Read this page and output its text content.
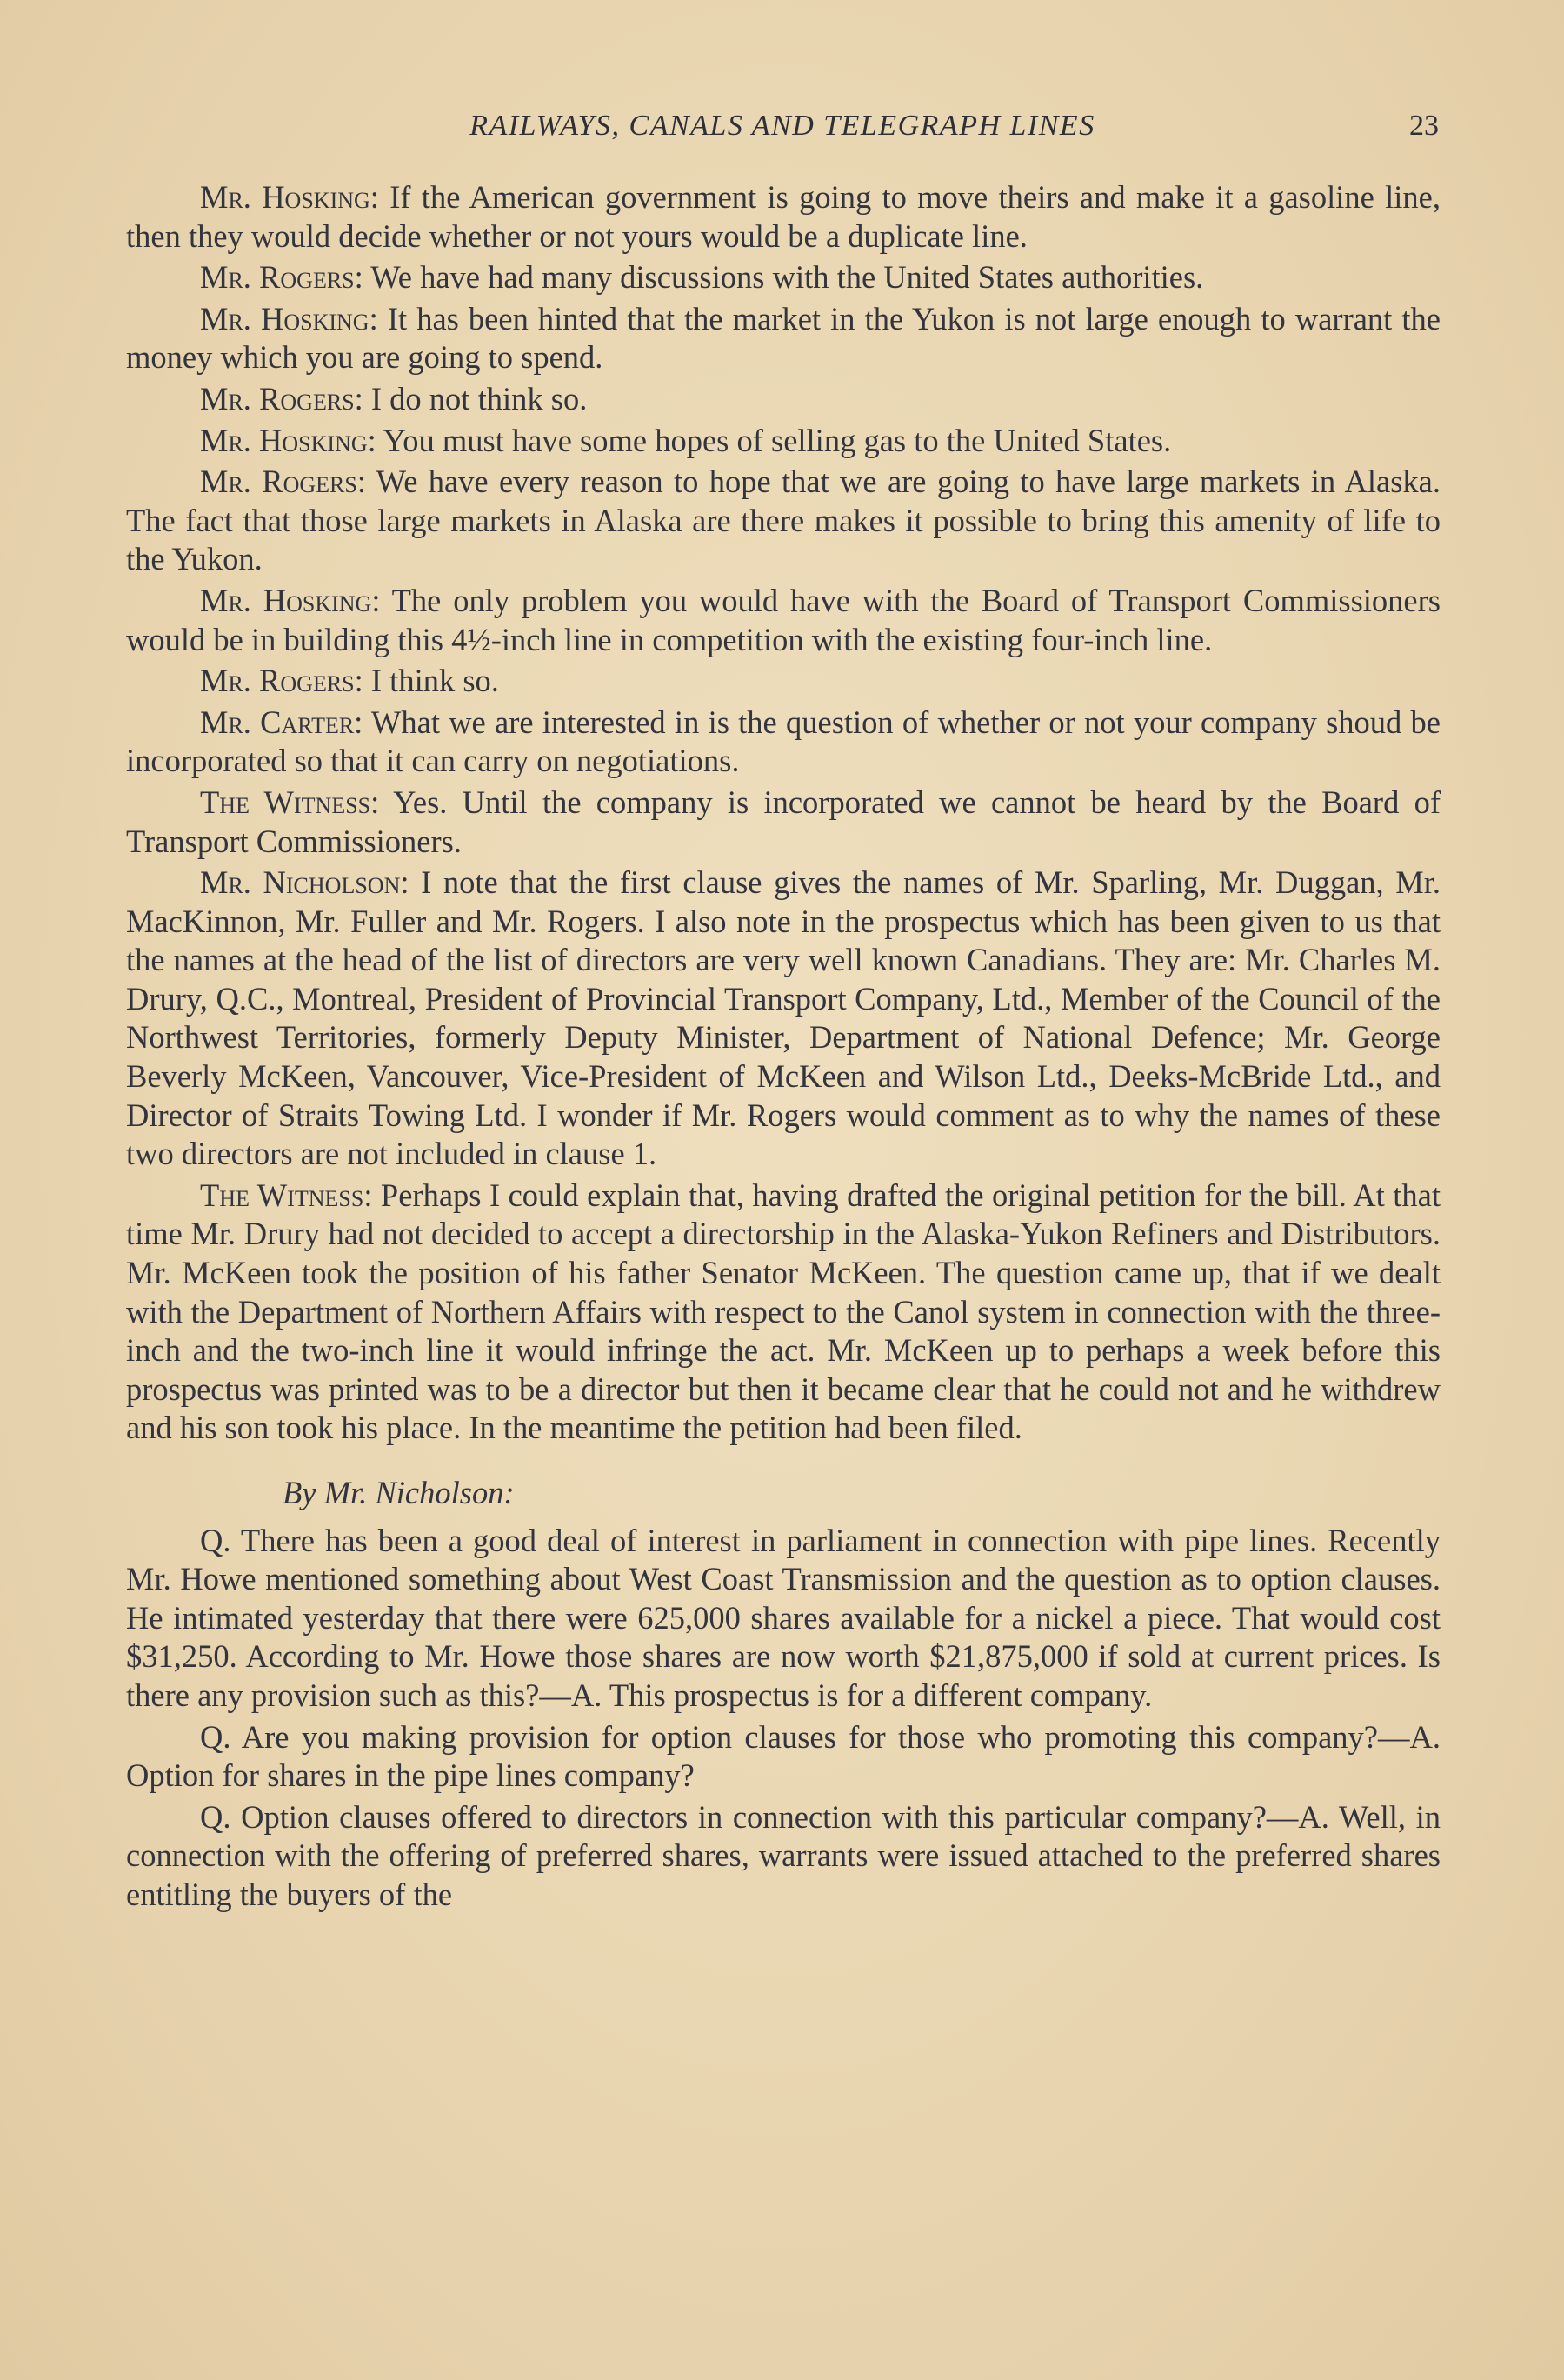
RAILWAYS, CANALS AND TELEGRAPH LINES	23

Mr. Hosking: If the American government is going to move theirs and make it a gasoline line, then they would decide whether or not yours would be a duplicate line.

Mr. Rogers: We have had many discussions with the United States authorities.

Mr. Hosking: It has been hinted that the market in the Yukon is not large enough to warrant the money which you are going to spend.

Mr. Rogers: I do not think so.

Mr. Hosking: You must have some hopes of selling gas to the United States.

Mr. Rogers: We have every reason to hope that we are going to have large markets in Alaska. The fact that those large markets in Alaska are there makes it possible to bring this amenity of life to the Yukon.

Mr. Hosking: The only problem you would have with the Board of Transport Commissioners would be in building this 4½-inch line in competition with the existing four-inch line.

Mr. Rogers: I think so.

Mr. Carter: What we are interested in is the question of whether or not your company shoud be incorporated so that it can carry on negotiations.

The Witness: Yes. Until the company is incorporated we cannot be heard by the Board of Transport Commissioners.

Mr. Nicholson: I note that the first clause gives the names of Mr. Sparling, Mr. Duggan, Mr. MacKinnon, Mr. Fuller and Mr. Rogers. I also note in the prospectus which has been given to us that the names at the head of the list of directors are very well known Canadians. They are: Mr. Charles M. Drury, Q.C., Montreal, President of Provincial Transport Company, Ltd., Member of the Council of the Northwest Territories, formerly Deputy Minister, Department of National Defence; Mr. George Beverly McKeen, Vancouver, Vice-President of McKeen and Wilson Ltd., Deeks-McBride Ltd., and Director of Straits Towing Ltd. I wonder if Mr. Rogers would comment as to why the names of these two directors are not included in clause 1.

The Witness: Perhaps I could explain that, having drafted the original petition for the bill. At that time Mr. Drury had not decided to accept a directorship in the Alaska-Yukon Refiners and Distributors. Mr. McKeen took the position of his father Senator McKeen. The question came up, that if we dealt with the Department of Northern Affairs with respect to the Canol system in connection with the three-inch and the two-inch line it would infringe the act. Mr. McKeen up to perhaps a week before this prospectus was printed was to be a director but then it became clear that he could not and he withdrew and his son took his place. In the meantime the petition had been filed.

By Mr. Nicholson:

Q. There has been a good deal of interest in parliament in connection with pipe lines. Recently Mr. Howe mentioned something about West Coast Transmission and the question as to option clauses. He intimated yesterday that there were 625,000 shares available for a nickel a piece. That would cost $31,250. According to Mr. Howe those shares are now worth $21,875,000 if sold at current prices. Is there any provision such as this?—A. This prospectus is for a different company.

Q. Are you making provision for option clauses for those who promoting this company?—A. Option for shares in the pipe lines company?

Q. Option clauses offered to directors in connection with this particular company?—A. Well, in connection with the offering of preferred shares, warrants were issued attached to the preferred shares entitling the buyers of the
